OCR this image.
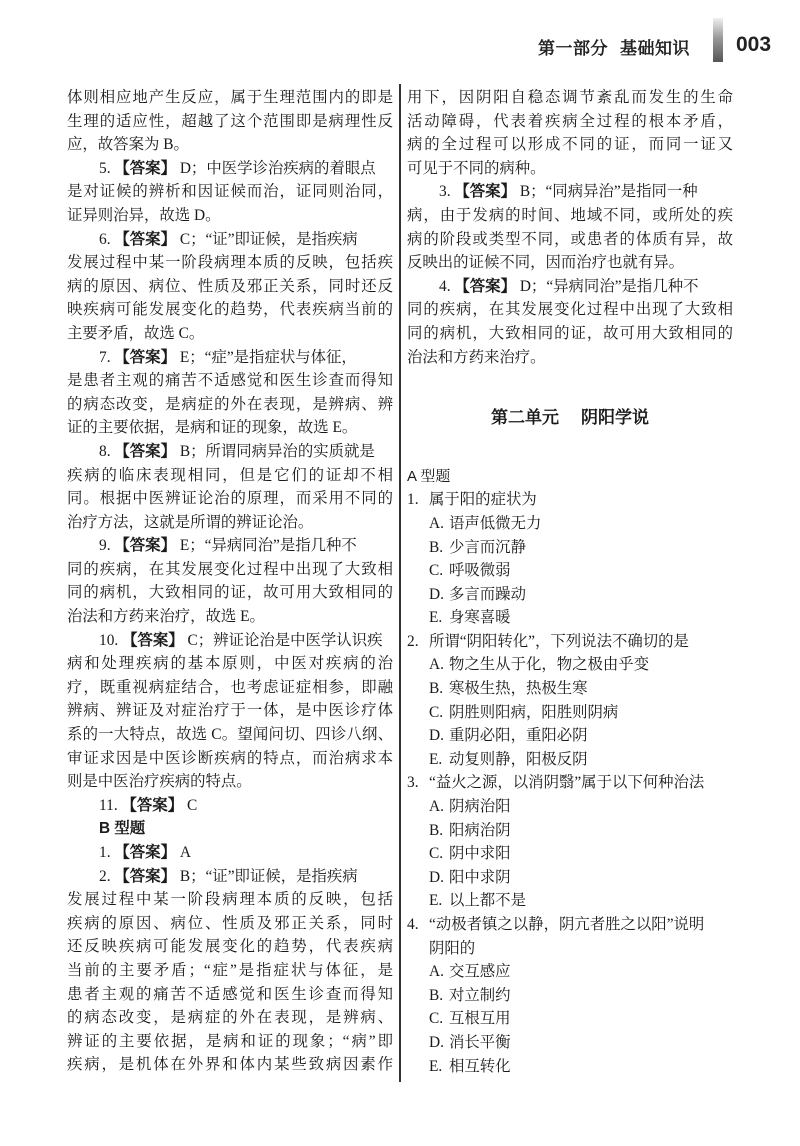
第一部分 基础知识	003
体则相应地产生反应，属于生理范围内的即是
生理的适应性，超越了这个范围即是病理性反
应，故答案为 B。
5. 【答案】 D；中医学诊治疾病的着眼点
是对证候的辨析和因证候而治，证同则治同，
证异则治异，故选 D。
6. 【答案】 C；“证”即证候，是指疾病
发展过程中某一阶段病理本质的反映，包括疾
病的原因、病位、性质及邪正关系，同时还反
映疾病可能发展变化的趋势，代表疾病当前的
主要矛盾，故选 C。
7. 【答案】 E；“症”是指症状与体征，
是患者主观的痛苦不适感觉和医生诊查而得知
的病态改变，是病症的外在表现，是辨病、辨
证的主要依据，是病和证的现象，故选 E。
8. 【答案】 B；所谓同病异治的实质就是
疾病的临床表现相同，但是它们的证却不相
同。根据中医辨证论治的原理，而采用不同的
治疗方法，这就是所谓的辨证论治。
9. 【答案】 E；“异病同治”是指几种不
同的疾病，在其发展变化过程中出现了大致相
同的病机，大致相同的证，故可用大致相同的
治法和方药来治疗，故选 E。
10. 【答案】 C；辨证论治是中医学认识疾
病和处理疾病的基本原则，中医对疾病的治
疗，既重视病症结合，也考虑证症相参，即融
辨病、辨证及对症治疗于一体，是中医诊疗体
系的一大特点，故选 C。望闻问切、四诊八纲、
审证求因是中医诊断疾病的特点，而治病求本
则是中医治疗疾病的特点。
11. 【答案】 C
B 型题
1. 【答案】 A
2. 【答案】 B；“证”即证候，是指疾病
发展过程中某一阶段病理本质的反映，包括
疾病的原因、病位、性质及邪正关系，同时
还反映疾病可能发展变化的趋势，代表疾病
当前的主要矛盾；“症”是指症状与体征，是
患者主观的痛苦不适感觉和医生诊查而得知
的病态改变，是病症的外在表现，是辨病、
辨证的主要依据，是病和证的现象；“病”即
疾病，是机体在外界和体内某些致病因素作
用下，因阴阳自稳态调节紊乱而发生的生命
活动障碍，代表着疾病全过程的根本矛盾，
病的全过程可以形成不同的证，而同一证又
可见于不同的病种。
3. 【答案】 B；“同病异治”是指同一种
病，由于发病的时间、地域不同，或所处的疾
病的阶段或类型不同，或患者的体质有异，故
反映出的证候不同，因而治疗也就有异。
4. 【答案】 D；“异病同治”是指几种不
同的疾病，在其发展变化过程中出现了大致相
同的病机，大致相同的证，故可用大致相同的
治法和方药来治疗。
第二单元 阴阳学说
A 型题
1. 属于阳的症状为
A. 语声低微无力
B. 少言而沉静
C. 呼吸微弱
D. 多言而躁动
E. 身寒喜暖
2. 所谓“阴阳转化”，下列说法不确切的是
A. 物之生从于化，物之极由乎变
B. 寒极生热，热极生寒
C. 阴胜则阳病，阳胜则阴病
D. 重阴必阳，重阳必阴
E. 动复则静，阳极反阴
3. “益火之源，以消阴翳”属于以下何种治法
A. 阴病治阳
B. 阳病治阴
C. 阴中求阳
D. 阳中求阴
E. 以上都不是
4. “动极者镇之以静，阴亢者胜之以阳”说明
阴阳的
A. 交互感应
B. 对立制约
C. 互根互用
D. 消长平衡
E. 相互转化
